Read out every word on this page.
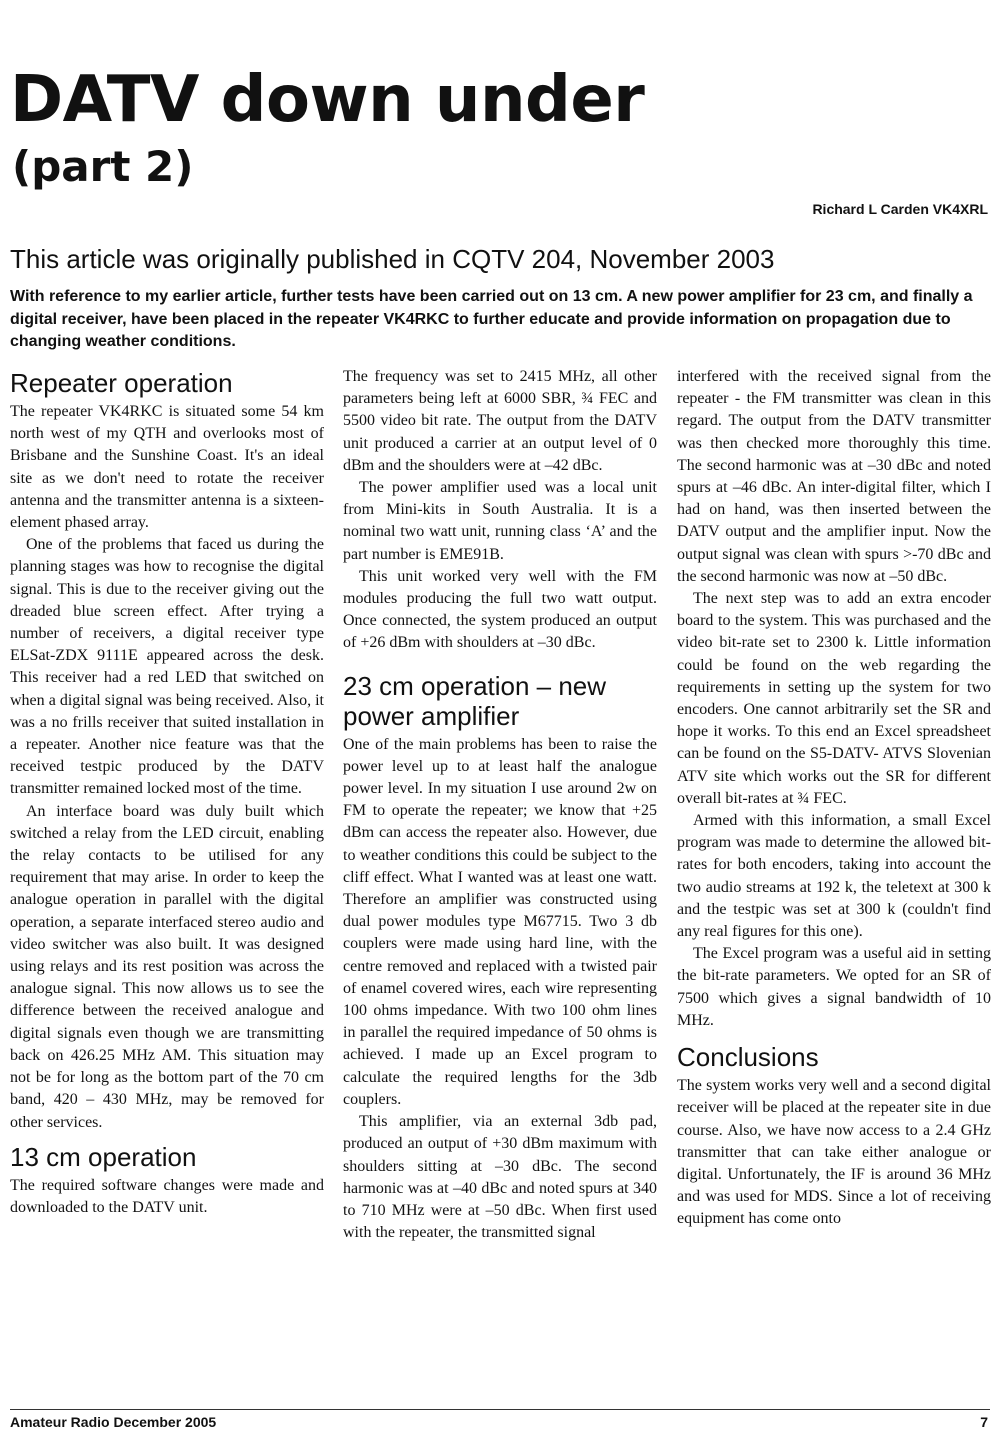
DATV down under
(part 2)
Richard L Carden VK4XRL
This article was originally published in CQTV 204, November 2003

With reference to my earlier article, further tests have been carried out on 13 cm. A new power amplifier for 23 cm, and finally a digital receiver, have been placed in the repeater VK4RKC to further educate and provide information on propagation due to changing weather conditions.

Repeater operation

The repeater VK4RKC is situated some 54 km north west of my QTH and overlooks most of Brisbane and the Sunshine Coast. It's an ideal site as we don't need to rotate the receiver antenna and the transmitter antenna is a sixteen-element phased array.

One of the problems that faced us during the planning stages was how to recognise the digital signal. This is due to the receiver giving out the dreaded blue screen effect. After trying a number of receivers, a digital receiver type ELSat-ZDX 9111E appeared across the desk. This receiver had a red LED that switched on when a digital signal was being received. Also, it was a no frills receiver that suited installation in a repeater. Another nice feature was that the received testpic produced by the DATV transmitter remained locked most of the time.

An interface board was duly built which switched a relay from the LED circuit, enabling the relay contacts to be utilised for any requirement that may arise. In order to keep the analogue operation in parallel with the digital operation, a separate interfaced stereo audio and video switcher was also built. It was designed using relays and its rest position was across the analogue signal. This now allows us to see the difference between the received analogue and digital signals even though we are transmitting back on 426.25 MHz AM. This situation may not be for long as the bottom part of the 70 cm band, 420 – 430 MHz, may be removed for other services.

13 cm operation

The required software changes were made and downloaded to the DATV unit.

The frequency was set to 2415 MHz, all other parameters being left at 6000 SBR, ¾ FEC and 5500 video bit rate. The output from the DATV unit produced a carrier at an output level of 0 dBm and the shoulders were at –42 dBc.

The power amplifier used was a local unit from Mini-kits in South Australia. It is a nominal two watt unit, running class ‘A’ and the part number is EME91B.

This unit worked very well with the FM modules producing the full two watt output. Once connected, the system produced an output of +26 dBm with shoulders at –30 dBc.

23 cm operation – new power amplifier

One of the main problems has been to raise the power level up to at least half the analogue power level. In my situation I use around 2w on FM to operate the repeater; we know that +25 dBm can access the repeater also. However, due to weather conditions this could be subject to the cliff effect. What I wanted was at least one watt. Therefore an amplifier was constructed using dual power modules type M67715. Two 3 db couplers were made using hard line, with the centre removed and replaced with a twisted pair of enamel covered wires, each wire representing 100 ohms impedance. With two 100 ohm lines in parallel the required impedance of 50 ohms is achieved. I made up an Excel program to calculate the required lengths for the 3db couplers.

This amplifier, via an external 3db pad, produced an output of +30 dBm maximum with shoulders sitting at –30 dBc. The second harmonic was at –40 dBc and noted spurs at 340 to 710 MHz were at –50 dBc. When first used with the repeater, the transmitted signal

interfered with the received signal from the repeater - the FM transmitter was clean in this regard. The output from the DATV transmitter was then checked more thoroughly this time. The second harmonic was at –30 dBc and noted spurs at –46 dBc. An inter-digital filter, which I had on hand, was then inserted between the DATV output and the amplifier input. Now the output signal was clean with spurs >-70 dBc and the second harmonic was now at –50 dBc.

The next step was to add an extra encoder board to the system. This was purchased and the video bit-rate set to 2300 k. Little information could be found on the web regarding the requirements in setting up the system for two encoders. One cannot arbitrarily set the SR and hope it works. To this end an Excel spreadsheet can be found on the S5-DATV- ATVS Slovenian ATV site which works out the SR for different overall bit-rates at ¾ FEC.

Armed with this information, a small Excel program was made to determine the allowed bit-rates for both encoders, taking into account the two audio streams at 192 k, the teletext at 300 k and the testpic was set at 300 k (couldn't find any real figures for this one).

The Excel program was a useful aid in setting the bit-rate parameters. We opted for an SR of 7500 which gives a signal bandwidth of 10 MHz.

Conclusions

The system works very well and a second digital receiver will be placed at the repeater site in due course. Also, we have now access to a 2.4 GHz transmitter that can take either analogue or digital. Unfortunately, the IF is around 36 MHz and was used for MDS. Since a lot of receiving equipment has come onto

Amateur Radio December 2005	7
